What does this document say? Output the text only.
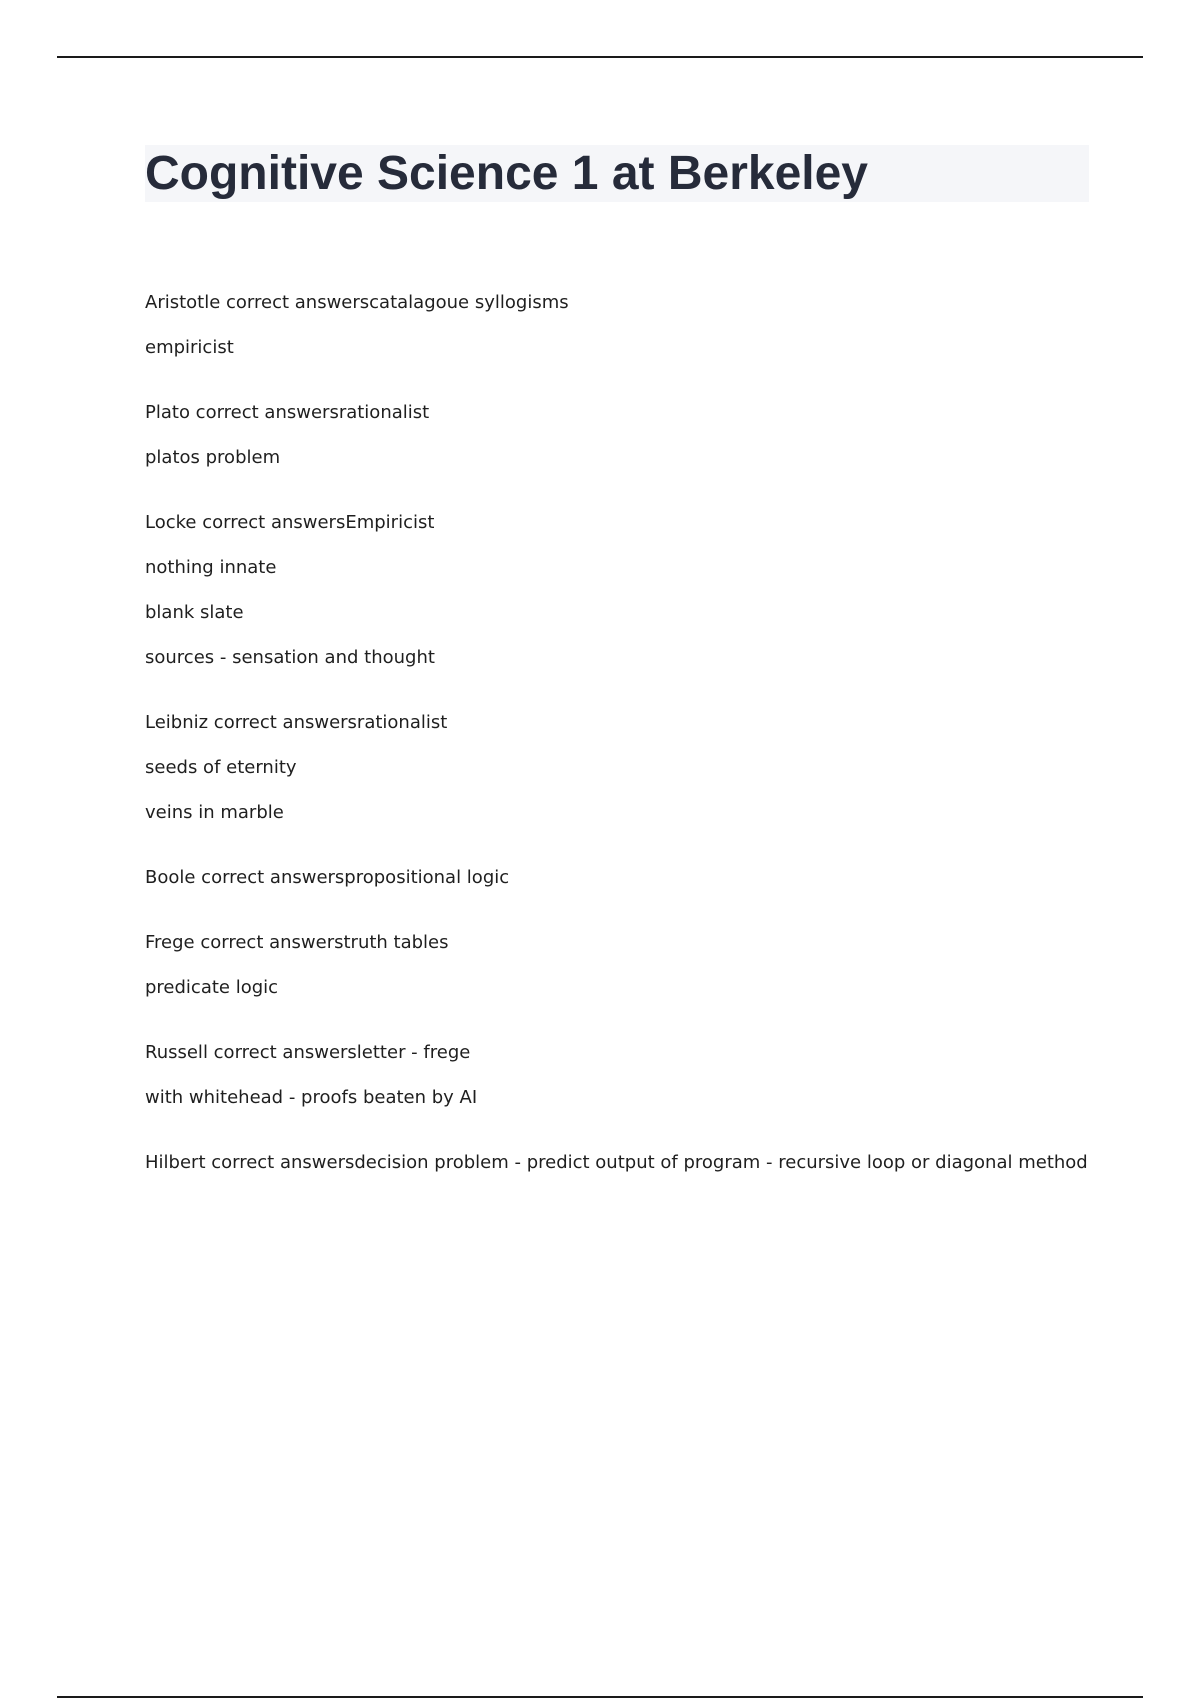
Cognitive Science 1 at Berkeley
Aristotle correct answerscatalagoue syllogisms
empiricist
Plato correct answersrationalist
platos problem
Locke correct answersEmpiricist
nothing innate
blank slate
sources - sensation and thought
Leibniz correct answersrationalist
seeds of eternity
veins in marble
Boole correct answerspropositional logic
Frege correct answerstruth tables
predicate logic
Russell correct answersletter - frege
with whitehead - proofs beaten by AI
Hilbert correct answersdecision problem - predict output of program - recursive loop or diagonal method
